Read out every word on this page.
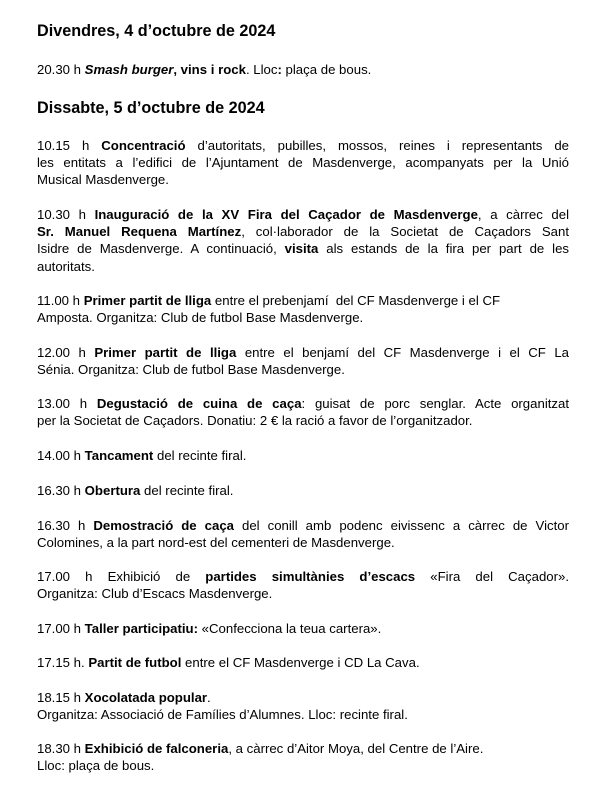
Divendres, 4 d’octubre de 2024
20.30 h Smash burger, vins i rock. Lloc: plaça de bous.
Dissabte, 5 d’octubre de 2024
10.15 h Concentració d’autoritats, pubilles, mossos, reines i representants de
les entitats a l’edifici de l’Ajuntament de Masdenverge, acompanyats per la Unió
Musical Masdenverge.
10.30 h Inauguració de la XV Fira del Caçador de Masdenverge, a càrrec del
Sr. Manuel Requena Martínez, col·laborador de la Societat de Caçadors Sant
Isidre de Masdenverge. A continuació, visita als estands de la fira per part de les
autoritats.
11.00 h Primer partit de lliga entre el prebenjamí  del CF Masdenverge i el CF
Amposta. Organitza: Club de futbol Base Masdenverge.
12.00 h Primer partit de lliga entre el benjamí del CF Masdenverge i el CF La
Sénia. Organitza: Club de futbol Base Masdenverge.
13.00 h Degustació de cuina de caça: guisat de porc senglar. Acte organitzat
per la Societat de Caçadors. Donatiu: 2 € la ració a favor de l’organitzador.
14.00 h Tancament del recinte firal.
16.30 h Obertura del recinte firal.
16.30 h Demostració de caça del conill amb podenc eivissenc a càrrec de Victor
Colomines, a la part nord-est del cementeri de Masdenverge.
17.00 h Exhibició de partides simultànies d’escacs «Fira del Caçador».
Organitza: Club d’Escacs Masdenverge.
17.00 h Taller participatiu: «Confecciona la teua cartera».
17.15 h. Partit de futbol entre el CF Masdenverge i CD La Cava.
18.15 h Xocolatada popular.
Organitza: Associació de Famílies d’Alumnes. Lloc: recinte firal.
18.30 h Exhibició de falconeria, a càrrec d’Aitor Moya, del Centre de l’Aire.
Lloc: plaça de bous.
